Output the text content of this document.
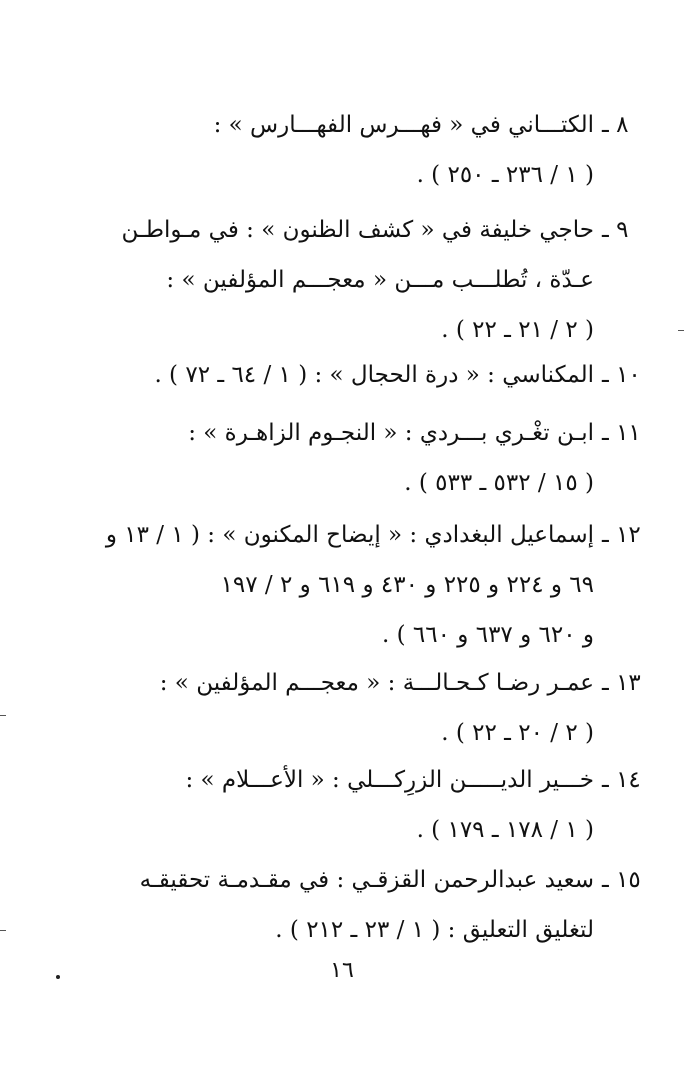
٨ ـ
الكتـــاني في « فهـــرس الفهـــارس » :
( ١ / ٢٣٦ ـ ٢٥٠ ) .
٩ ـ
حاجي خليفة في « كشف الظنون » : في مـواطـن
عـدّة ، تُطلـــب مـــن « معجـــم المؤلفين » :
( ٢ / ٢١ ـ ٢٢ ) .
١٠ ـ
المكناسي : « درة الحجال » : ( ١ / ٦٤ ـ ٧٢ ) .
١١ ـ
ابـن تغْـري بـــردي : « النجـوم الزاهـرة » :
( ١٥ / ٥٣٢ ـ ٥٣٣ ) .
١٢ ـ
إسماعيل البغدادي : « إيضاح المكنون » : ( ١ / ١٣ و
٦٩ و ٢٢٤ و ٢٢٥ و ٤٣٠ و ٦١٩ و ٢ / ١٩٧
و ٦٢٠ و ٦٣٧ و ٦٦٠ ) .
١٣ ـ
عمـر رضـا كـحـالـــة : « معجـــم المؤلفين » :
( ٢ / ٢٠ ـ ٢٢ ) .
١٤ ـ
خـــير الديـــــن الزرِكـــلي : « الأعـــلام » :
( ١ / ١٧٨ ـ ١٧٩ ) .
١٥ ـ
سعيد عبدالرحمن القزقـي : في مقـدمـة تحقيقـه
لتغليق التعليق : ( ١ / ٢٣ ـ ٢١٢ ) .
١٦
